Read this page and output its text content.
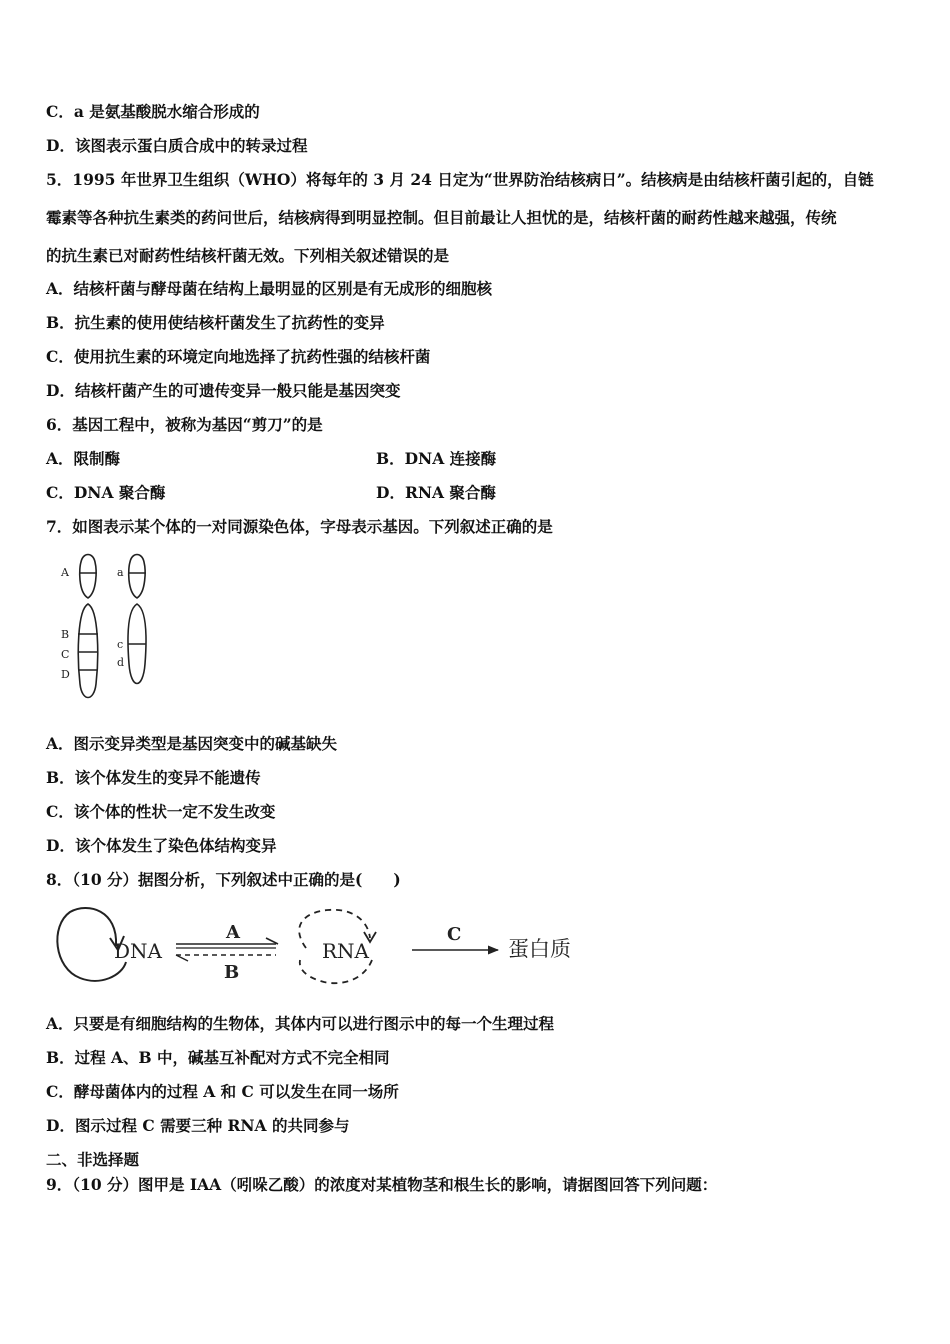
C．a 是氨基酸脱水缩合形成的
D．该图表示蛋白质合成中的转录过程
5．1995 年世界卫生组织（WHO）将每年的 3 月 24 日定为“世界防治结核病日”。结核病是由结核杆菌引起的，自链
霉素等各种抗生素类的药问世后，结核病得到明显控制。但目前最让人担忧的是，结核杆菌的耐药性越来越强，传统
的抗生素已对耐药性结核杆菌无效。下列相关叙述错误的是
A．结核杆菌与酵母菌在结构上最明显的区别是有无成形的细胞核
B．抗生素的使用使结核杆菌发生了抗药性的变异
C．使用抗生素的环境定向地选择了抗药性强的结核杆菌
D．结核杆菌产生的可遗传变异一般只能是基因突变
6．基因工程中，被称为基因“剪刀”的是
A．限制酶	B．DNA 连接酶
C．DNA 聚合酶	D．RNA 聚合酶
7．如图表示某个体的一对同源染色体，字母表示基因。下列叙述正确的是
A
B
C
D
a
c
d
A．图示变异类型是基因突变中的碱基缺失
B．该个体发生的变异不能遗传
C．该个体的性状一定不发生改变
D．该个体发生了染色体结构变异
8．（10 分）据图分析，下列叙述中正确的是(　　)
DNA
A
B
RNA
C
蛋白质
A．只要是有细胞结构的生物体，其体内可以进行图示中的每一个生理过程
B．过程 A、B 中，碱基互补配对方式不完全相同
C．酵母菌体内的过程 A 和 C 可以发生在同一场所
D．图示过程 C 需要三种 RNA 的共同参与
二、非选择题
9．（10 分）图甲是 IAA（吲哚乙酸）的浓度对某植物茎和根生长的影响，请据图回答下列问题：
